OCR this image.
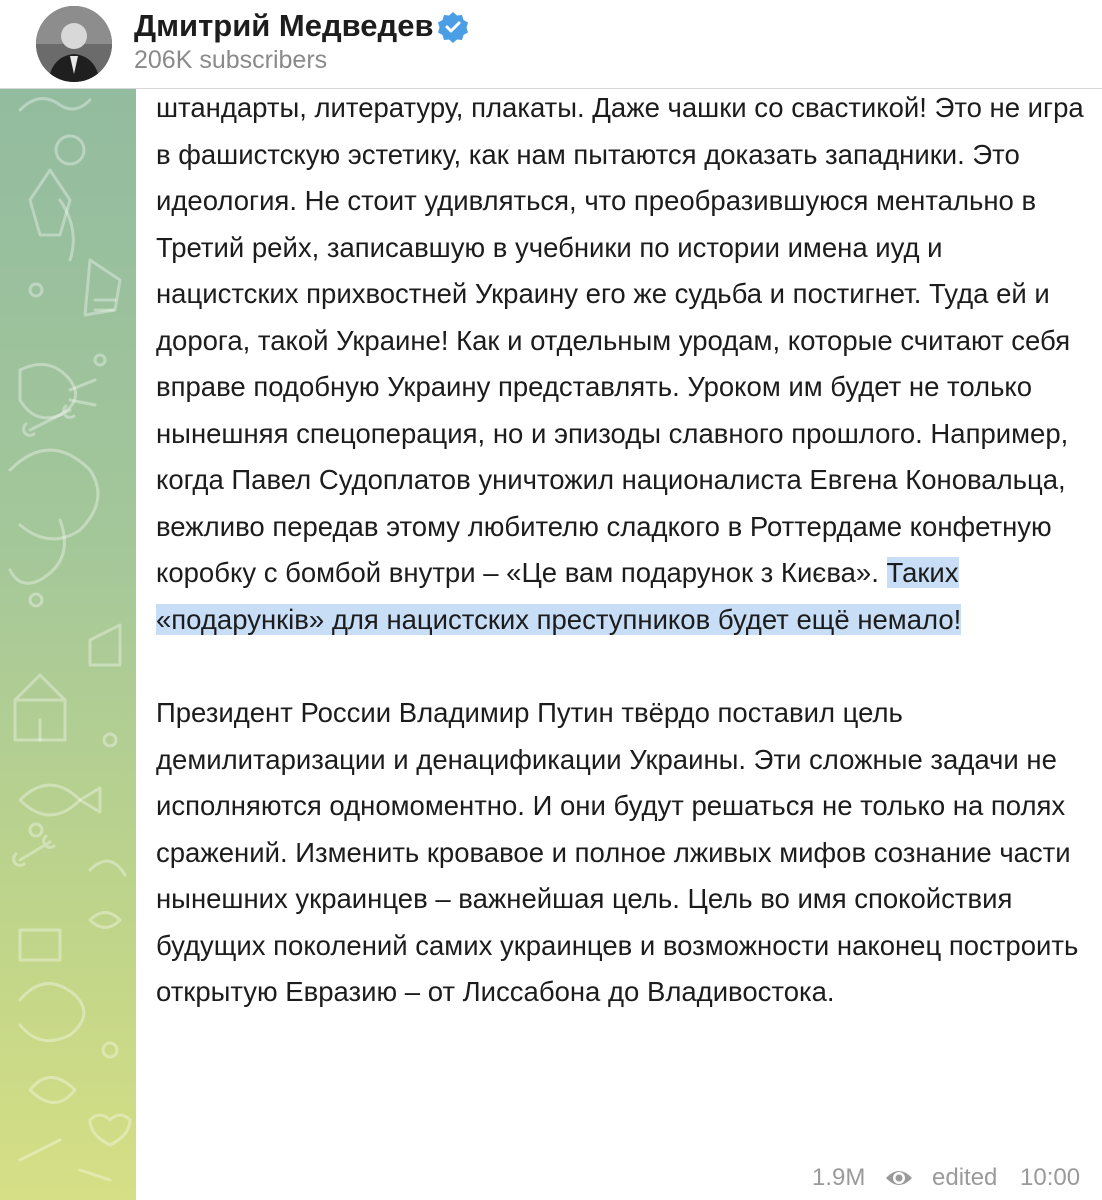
Дмитрий Медведев
206K subscribers

штандарты, литературу, плакаты. Даже чашки со свастикой! Это не игра в фашистскую эстетику, как нам пытаются доказать западники. Это идеология. Не стоит удивляться, что преобразившуюся ментально в Третий рейх, записавшую в учебники по истории имена иуд и нацистских прихвостней Украину его же судьба и постигнет. Туда ей и дорога, такой Украине! Как и отдельным уродам, которые считают себя вправе подобную Украину представлять. Уроком им будет не только нынешняя спецоперация, но и эпизоды славного прошлого. Например, когда Павел Судоплатов уничтожил националиста Евгена Коновальца, вежливо передав этому любителю сладкого в Роттердаме конфетную коробку с бомбой внутри – «Це вам подарунок з Києва». Таких «подарунків» для нацистских преступников будет ещё немало!

Президент России Владимир Путин твёрдо поставил цель демилитаризации и денацификации Украины. Эти сложные задачи не исполняются одномоментно. И они будут решаться не только на полях сражений. Изменить кровавое и полное лживых мифов сознание части нынешних украинцев – важнейшая цель. Цель во имя спокойствия будущих поколений самих украинцев и возможности наконец построить открытую Евразию – от Лиссабона до Владивостока.

1.9M	edited 10:00
